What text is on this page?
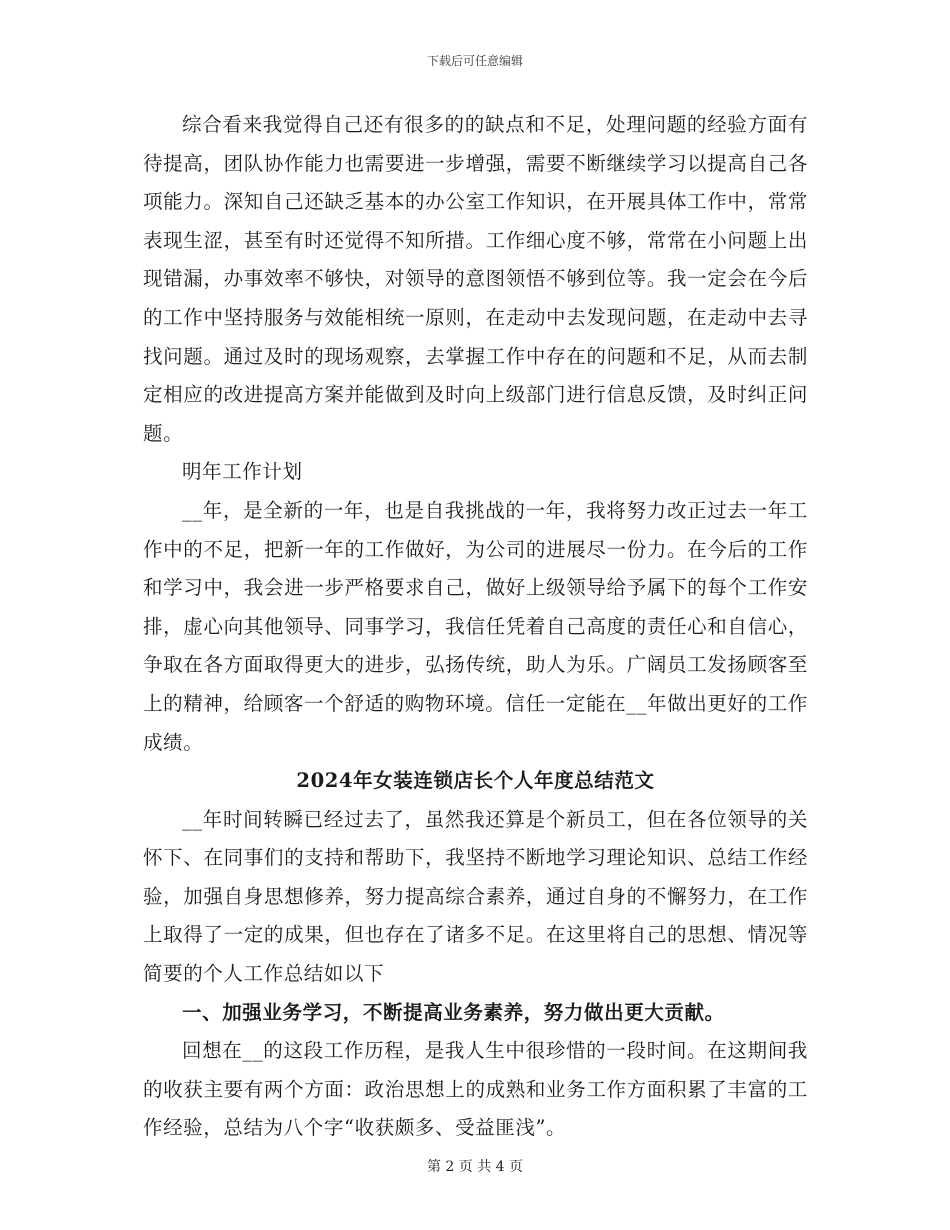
下载后可任意编辑

综合看来我觉得自己还有很多的的缺点和不足，处理问题的经验方面有待提高，团队协作能力也需要进一步增强，需要不断继续学习以提高自己各项能力。深知自己还缺乏基本的办公室工作知识，在开展具体工作中，常常表现生涩，甚至有时还觉得不知所措。工作细心度不够，常常在小问题上出现错漏，办事效率不够快，对领导的意图领悟不够到位等。我一定会在今后的工作中坚持服务与效能相统一原则，在走动中去发现问题，在走动中去寻找问题。通过及时的现场观察，去掌握工作中存在的问题和不足，从而去制定相应的改进提高方案并能做到及时向上级部门进行信息反馈，及时纠正问题。

明年工作计划

__年，是全新的一年，也是自我挑战的一年，我将努力改正过去一年工作中的不足，把新一年的工作做好，为公司的进展尽一份力。在今后的工作和学习中，我会进一步严格要求自己，做好上级领导给予属下的每个工作安排，虚心向其他领导、同事学习，我信任凭着自己高度的责任心和自信心，争取在各方面取得更大的进步，弘扬传统，助人为乐。广阔员工发扬顾客至上的精神，给顾客一个舒适的购物环境。信任一定能在__年做出更好的工作成绩。

2024年女装连锁店长个人年度总结范文

__年时间转瞬已经过去了，虽然我还算是个新员工，但在各位领导的关怀下、在同事们的支持和帮助下，我坚持不断地学习理论知识、总结工作经验，加强自身思想修养，努力提高综合素养，通过自身的不懈努力，在工作上取得了一定的成果，但也存在了诸多不足。在这里将自己的思想、情况等简要的个人工作总结如以下

一、加强业务学习，不断提高业务素养，努力做出更大贡献。

回想在__的这段工作历程，是我人生中很珍惜的一段时间。在这期间我的收获主要有两个方面：政治思想上的成熟和业务工作方面积累了丰富的工作经验，总结为八个字“收获颇多、受益匪浅”。

第 2 页 共 4 页
